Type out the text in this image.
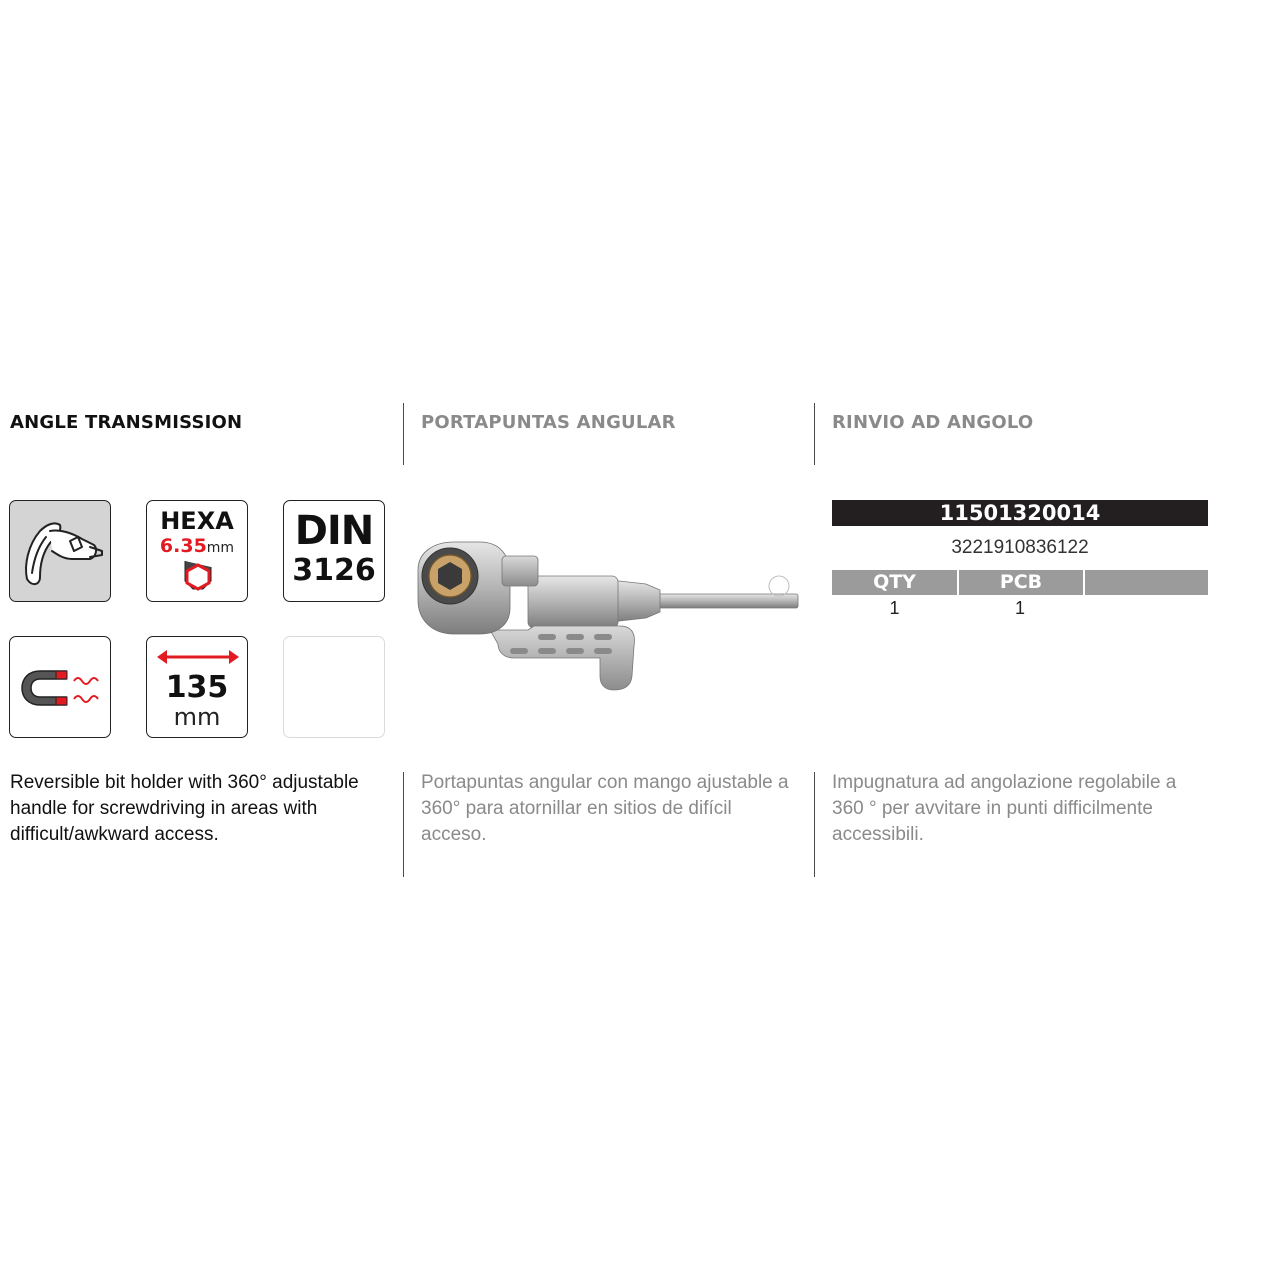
ANGLE TRANSMISSION	PORTAPUNTAS ANGULAR	RINVIO AD ANGOLO
HEXA
6.35mm	DIN
3126
135
mm
11501320014
3221910836122
QTY	PCB
1	1
Reversible bit holder with 360° adjustable handle for screwdriving in areas with difficult/awkward access.
Portapuntas angular con mango ajustable a 360° para atornillar en sitios de difícil acceso.
Impugnatura ad angolazione regolabile a 360 ° per avvitare in punti difficilmente accessibili.
